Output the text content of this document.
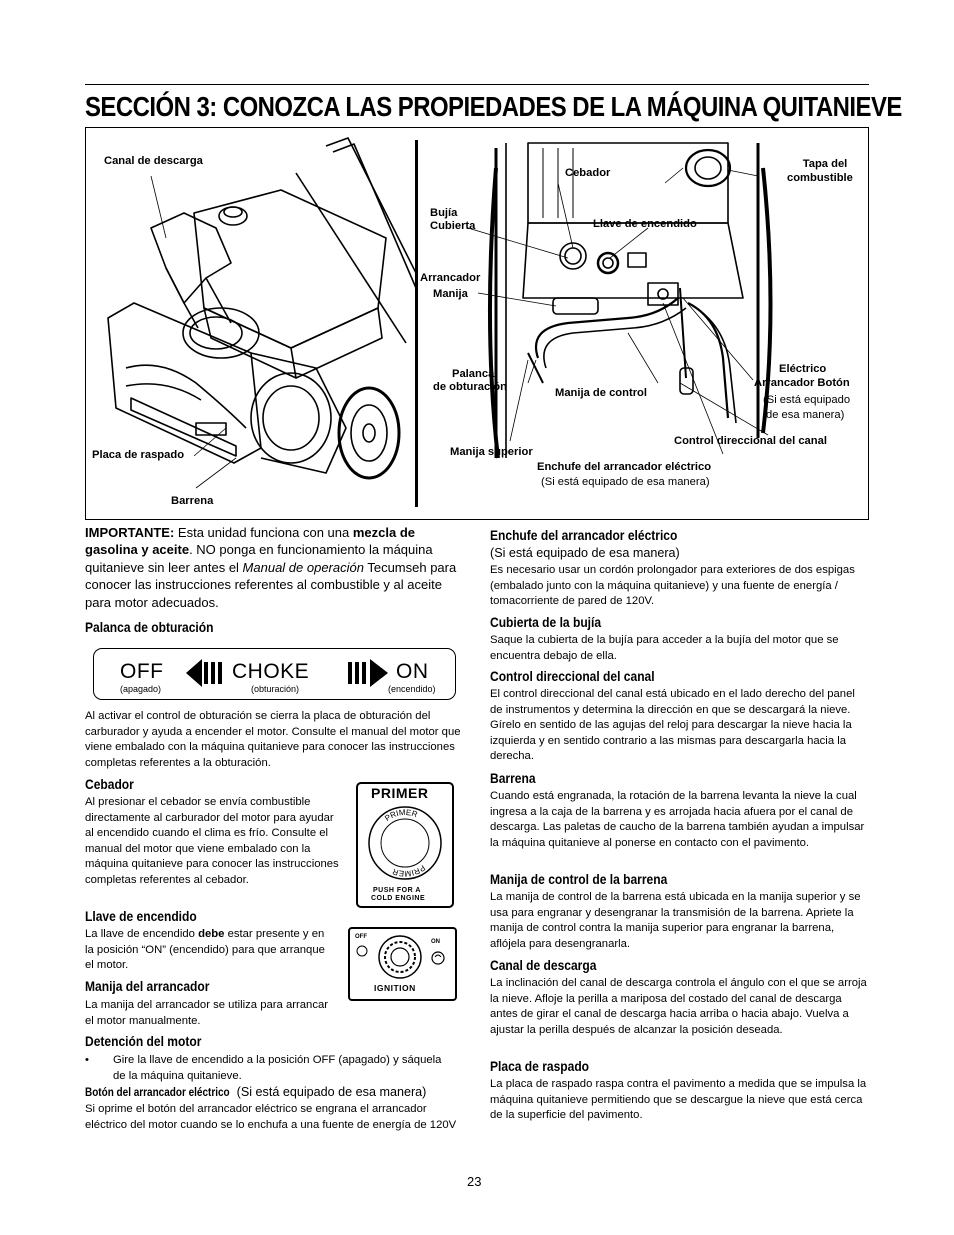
SECCIÓN 3: CONOZCA LAS PROPIEDADES DE LA MÁQUINA QUITANIEVE
Canal de descarga
Placa de raspado
Barrena
Bujía
Cubierta
Cebador
Tapa del
combustible
Llave de encendido
Arrancador
Manija
Palanca
de obturación	Manija de control
Eléctrico
Arrancador Botón
(Si está equipado
de esa manera)
Control direccional del canal
Manija superior
Enchufe del arrancador eléctrico
(Si está equipado de esa manera)

IMPORTANTE: Esta unidad funciona con una mezcla de gasolina y aceite. NO ponga en funcionamiento la máquina quitanieve sin leer antes el Manual de operación Tecumseh para conocer las instrucciones referentes al combustible y al aceite para motor adecuados.

Palanca de obturación
OFF	CHOKE	ON
(apagado)	(obturación)	(encendido)

Al activar el control de obturación se cierra la placa de obturación del carburador y ayuda a encender el motor. Consulte el manual del motor que viene embalado con la máquina quitanieve para conocer las instrucciones completas referentes a la obturación.

Cebador

Al presionar el cebador se envía combustible directamente al carburador del motor para ayudar al encendido cuando el clima es frío. Consulte el manual del motor que viene embalado con la máquina quitanieve para conocer las instrucciones completas referentes al cebador.

PRIMER
PRIMER
PRIMER
PUSH FOR A
COLD ENGINE
Llave de encendido

La llave de encendido debe estar presente y en la posición “ON” (encendido) para que arranque el motor.

OFF
ON
IGNITION
Manija del arrancador

La manija del arrancador se utiliza para arrancar el motor manualmente.

Detención del motor
•	Gire la llave de encendido a la posición OFF (apagado) y sáquela de la máquina quitanieve.
Botón del arrancador eléctrico (Si está equipado de esa manera)

Si oprime el botón del arrancador eléctrico se engrana el arrancador eléctrico del motor cuando se lo enchufa a una fuente de energía de 120V

Enchufe del arrancador eléctrico

(Si está equipado de esa manera)

Es necesario usar un cordón prolongador para exteriores de dos espigas (embalado junto con la máquina quitanieve) y una fuente de energía / tomacorriente de pared de 120V.

Cubierta de la bujía

Saque la cubierta de la bujía para acceder a la bujía del motor que se encuentra debajo de ella.

Control direccional del canal

El control direccional del canal está ubicado en el lado derecho del panel de instrumentos y determina la dirección en que se descargará la nieve. Gírelo en sentido de las agujas del reloj para descargar la nieve hacia la izquierda y en sentido contrario a las mismas para descargarla hacia la derecha.

Barrena

Cuando está engranada, la rotación de la barrena levanta la nieve la cual ingresa a la caja de la barrena y es arrojada hacia afuera por el canal de descarga. Las paletas de caucho de la barrena también ayudan a impulsar la máquina quitanieve al ponerse en contacto con el pavimento.

Manija de control de la barrena

La manija de control de la barrena está ubicada en la manija superior y se usa para engranar y desengranar la transmisión de la barrena. Apriete la manija de control contra la manija superior para engranar la barrena, aflójela para desengranarla.

Canal de descarga

La inclinación del canal de descarga controla el ángulo con el que se arroja la nieve. Afloje la perilla a mariposa del costado del canal de descarga antes de girar el canal de descarga hacia arriba o hacia abajo. Vuelva a ajustar la perilla después de alcanzar la posición deseada.

Placa de raspado

La placa de raspado raspa contra el pavimento a medida que se impulsa la máquina quitanieve permitiendo que se descargue la nieve que está cerca de la superficie del pavimento.

23
